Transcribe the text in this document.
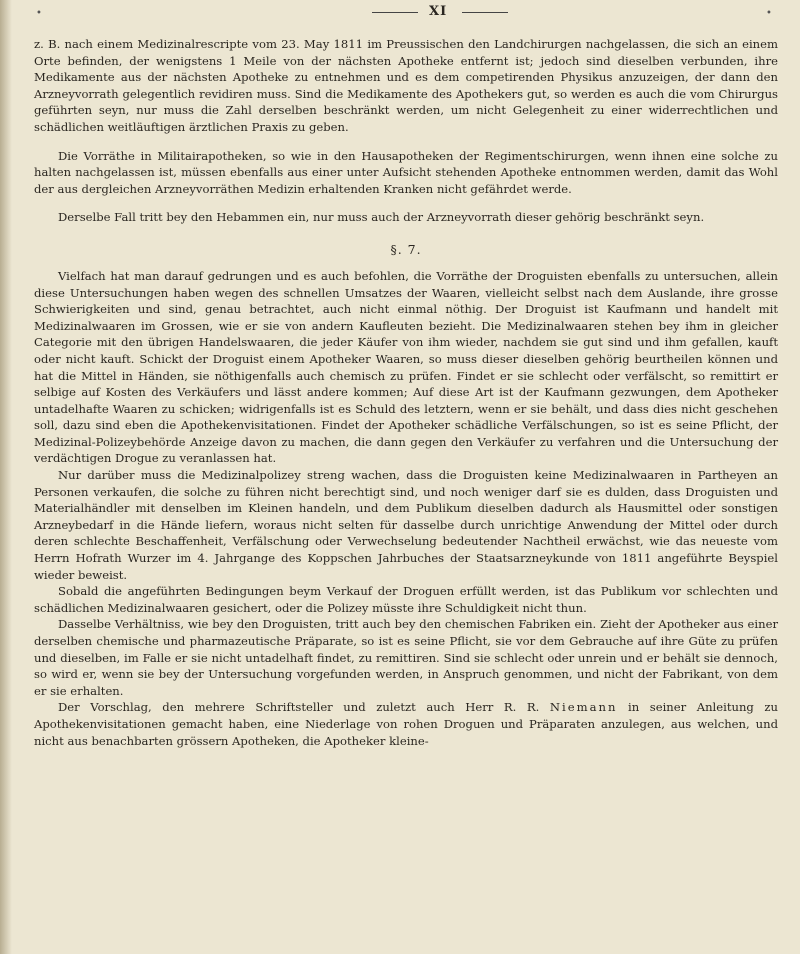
•	XI	•

z. B. nach einem Medizinalrescripte vom 23. May 1811 im Preussischen den Landchirurgen nachgelassen, die sich an einem Orte befinden, der wenigstens 1 Meile von der nächsten Apotheke entfernt ist; jedoch sind dieselben verbunden, ihre Medikamente aus der nächsten Apotheke zu entnehmen und es dem competirenden Physikus anzuzeigen, der dann den Arzneyvorrath gelegentlich revidiren muss. Sind die Medikamente des Apothekers gut, so werden es auch die vom Chirurgus geführten seyn, nur muss die Zahl derselben beschränkt werden, um nicht Gelegenheit zu einer widerrechtlichen und schädlichen weitläuftigen ärztlichen Praxis zu geben.

Die Vorräthe in Militairapotheken, so wie in den Hausapotheken der Regimentschirurgen, wenn ihnen eine solche zu halten nachgelassen ist, müssen ebenfalls aus einer unter Aufsicht stehenden Apotheke entnommen werden, damit das Wohl der aus dergleichen Arzneyvorräthen Medizin erhaltenden Kranken nicht gefährdet werde.

Derselbe Fall tritt bey den Hebammen ein, nur muss auch der Arzneyvorrath dieser gehörig beschränkt seyn.

§. 7.

Vielfach hat man darauf gedrungen und es auch befohlen, die Vorräthe der Droguisten ebenfalls zu untersuchen, allein diese Untersuchungen haben wegen des schnellen Umsatzes der Waaren, vielleicht selbst nach dem Auslande, ihre grosse Schwierigkeiten und sind, genau betrachtet, auch nicht einmal nöthig. Der Droguist ist Kaufmann und handelt mit Medizinalwaaren im Grossen, wie er sie von andern Kaufleuten bezieht. Die Medizinalwaaren stehen bey ihm in gleicher Categorie mit den übrigen Handelswaaren, die jeder Käufer von ihm wieder, nachdem sie gut sind und ihm gefallen, kauft oder nicht kauft. Schickt der Droguist einem Apotheker Waaren, so muss dieser dieselben gehörig beurtheilen können und hat die Mittel in Händen, sie nöthigenfalls auch chemisch zu prüfen. Findet er sie schlecht oder verfälscht, so remittirt er selbige auf Kosten des Verkäufers und lässt andere kommen; Auf diese Art ist der Kaufmann gezwungen, dem Apotheker untadelhafte Waaren zu schicken; widrigenfalls ist es Schuld des letztern, wenn er sie behält, und dass dies nicht geschehen soll, dazu sind eben die Apothekenvisitationen. Findet der Apotheker schädliche Verfälschungen, so ist es seine Pflicht, der Medizinal-Polizeybehörde Anzeige davon zu machen, die dann gegen den Verkäufer zu verfahren und die Untersuchung der verdächtigen Drogue zu veranlassen hat.

Nur darüber muss die Medizinalpolizey streng wachen, dass die Droguisten keine Medizinalwaaren in Partheyen an Personen verkaufen, die solche zu führen nicht berechtigt sind, und noch weniger darf sie es dulden, dass Droguisten und Materialhändler mit denselben im Kleinen handeln, und dem Publikum dieselben dadurch als Hausmittel oder sonstigen Arzneybedarf in die Hände liefern, woraus nicht selten für dasselbe durch unrichtige Anwendung der Mittel oder durch deren schlechte Beschaffenheit, Verfälschung oder Verwechselung bedeutender Nachtheil erwächst, wie das neueste vom Herrn Hofrath Wurzer im 4. Jahrgange des Koppschen Jahrbuches der Staatsarzneykunde von 1811 angeführte Beyspiel wieder beweist.

Sobald die angeführten Bedingungen beym Verkauf der Droguen erfüllt werden, ist das Publikum vor schlechten und schädlichen Medizinalwaaren gesichert, oder die Polizey müsste ihre Schuldigkeit nicht thun.

Dasselbe Verhältniss, wie bey den Droguisten, tritt auch bey den chemischen Fabriken ein. Zieht der Apotheker aus einer derselben chemische und pharmazeutische Präparate, so ist es seine Pflicht, sie vor dem Gebrauche auf ihre Güte zu prüfen und dieselben, im Falle er sie nicht untadelhaft findet, zu remittiren. Sind sie schlecht oder unrein und er behält sie dennoch, so wird er, wenn sie bey der Untersuchung vorgefunden werden, in Anspruch genommen, und nicht der Fabrikant, von dem er sie erhalten.

Der Vorschlag, den mehrere Schriftsteller und zuletzt auch Herr R. R. Niemann in seiner Anleitung zu Apothekenvisitationen gemacht haben, eine Niederlage von rohen Droguen und Präparaten anzulegen, aus welchen, und nicht aus benachbarten grössern Apotheken, die Apotheker kleine-
